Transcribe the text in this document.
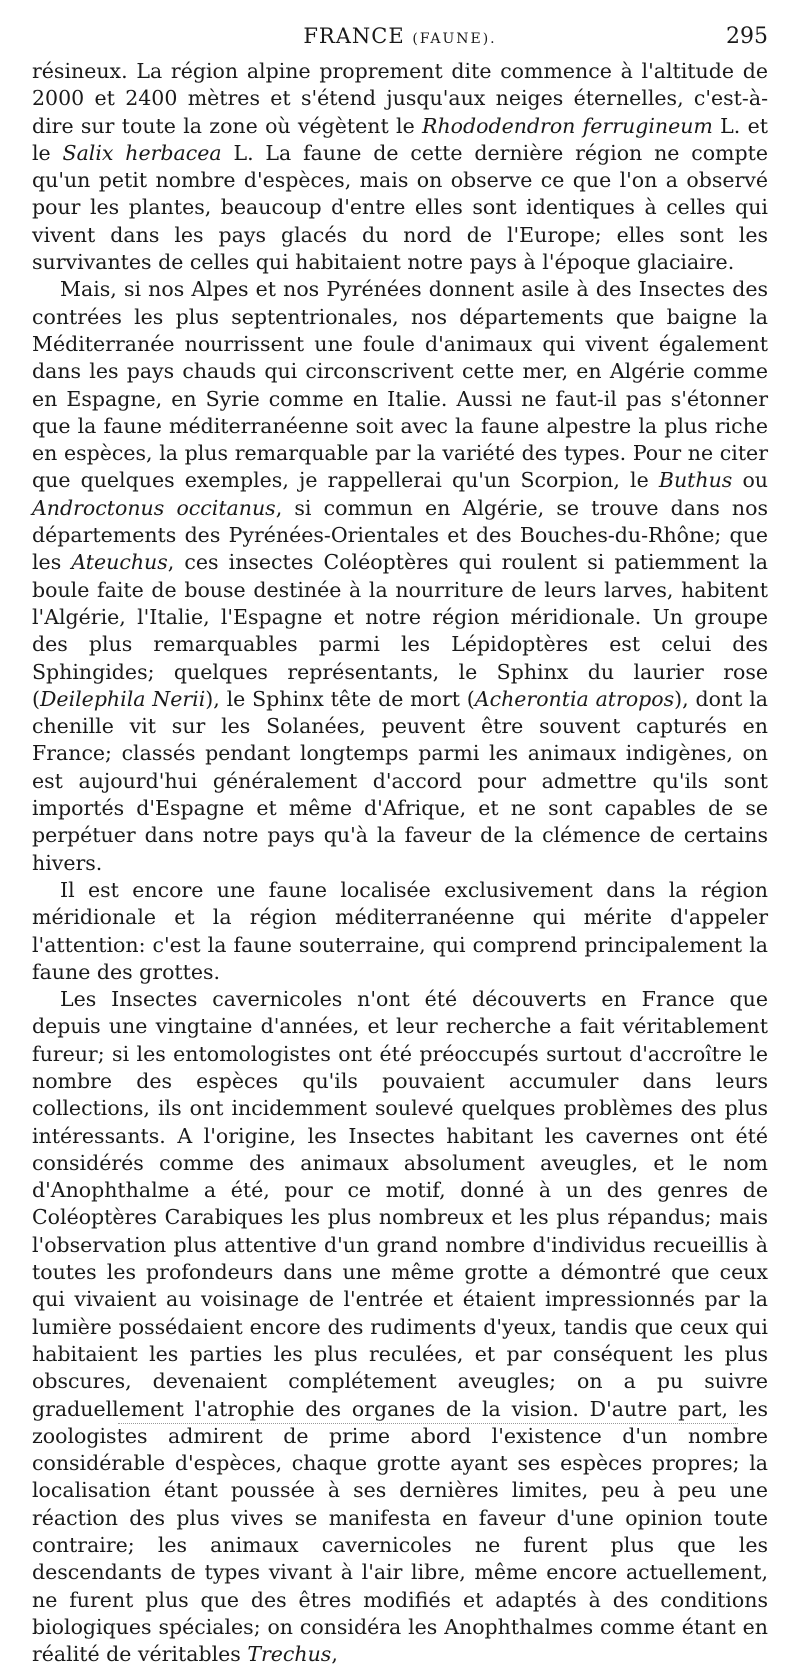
FRANCE (FAUNE).	295

résineux. La région alpine proprement dite commence à l'altitude de 2000 et 2400 mètres et s'étend jusqu'aux neiges éternelles, c'est-à-dire sur toute la zone où végètent le Rhododendron ferrugineum L. et le Salix herbacea L. La faune de cette dernière région ne compte qu'un petit nombre d'espèces, mais on observe ce que l'on a observé pour les plantes, beaucoup d'entre elles sont identiques à celles qui vivent dans les pays glacés du nord de l'Europe; elles sont les survivantes de celles qui habitaient notre pays à l'époque glaciaire.

Mais, si nos Alpes et nos Pyrénées donnent asile à des Insectes des contrées les plus septentrionales, nos départements que baigne la Méditerranée nourrissent une foule d'animaux qui vivent également dans les pays chauds qui circonscrivent cette mer, en Algérie comme en Espagne, en Syrie comme en Italie. Aussi ne faut-il pas s'étonner que la faune méditerranéenne soit avec la faune alpestre la plus riche en espèces, la plus remarquable par la variété des types. Pour ne citer que quelques exemples, je rappellerai qu'un Scorpion, le Buthus ou Androctonus occitanus, si commun en Algérie, se trouve dans nos départements des Pyrénées-Orientales et des Bouches-du-Rhône; que les Ateuchus, ces insectes Coléoptères qui roulent si patiemment la boule faite de bouse destinée à la nourriture de leurs larves, habitent l'Algérie, l'Italie, l'Espagne et notre région méridionale. Un groupe des plus remarquables parmi les Lépidoptères est celui des Sphingides; quelques représentants, le Sphinx du laurier rose (Deilephila Nerii), le Sphinx tête de mort (Acherontia atropos), dont la chenille vit sur les Solanées, peuvent être souvent capturés en France; classés pendant longtemps parmi les animaux indigènes, on est aujourd'hui généralement d'accord pour admettre qu'ils sont importés d'Espagne et même d'Afrique, et ne sont capables de se perpétuer dans notre pays qu'à la faveur de la clémence de certains hivers.

Il est encore une faune localisée exclusivement dans la région méridionale et la région méditerranéenne qui mérite d'appeler l'attention: c'est la faune souterraine, qui comprend principalement la faune des grottes.

Les Insectes cavernicoles n'ont été découverts en France que depuis une vingtaine d'années, et leur recherche a fait véritablement fureur; si les entomologistes ont été préoccupés surtout d'accroître le nombre des espèces qu'ils pouvaient accumuler dans leurs collections, ils ont incidemment soulevé quelques problèmes des plus intéressants. A l'origine, les Insectes habitant les cavernes ont été considérés comme des animaux absolument aveugles, et le nom d'Anophthalme a été, pour ce motif, donné à un des genres de Coléoptères Carabiques les plus nombreux et les plus répandus; mais l'observation plus attentive d'un grand nombre d'individus recueillis à toutes les profondeurs dans une même grotte a démontré que ceux qui vivaient au voisinage de l'entrée et étaient impressionnés par la lumière possédaient encore des rudiments d'yeux, tandis que ceux qui habitaient les parties les plus reculées, et par conséquent les plus obscures, devenaient complétement aveugles; on a pu suivre graduellement l'atrophie des organes de la vision. D'autre part, les zoologistes admirent de prime abord l'existence d'un nombre considérable d'espèces, chaque grotte ayant ses espèces propres; la localisation étant poussée à ses dernières limites, peu à peu une réaction des plus vives se manifesta en faveur d'une opinion toute contraire; les animaux cavernicoles ne furent plus que les descendants de types vivant à l'air libre, même encore actuellement, ne furent plus que des êtres modifiés et adaptés à des conditions biologiques spéciales; on considéra les Anophthalmes comme étant en réalité de véritables Trechus,
